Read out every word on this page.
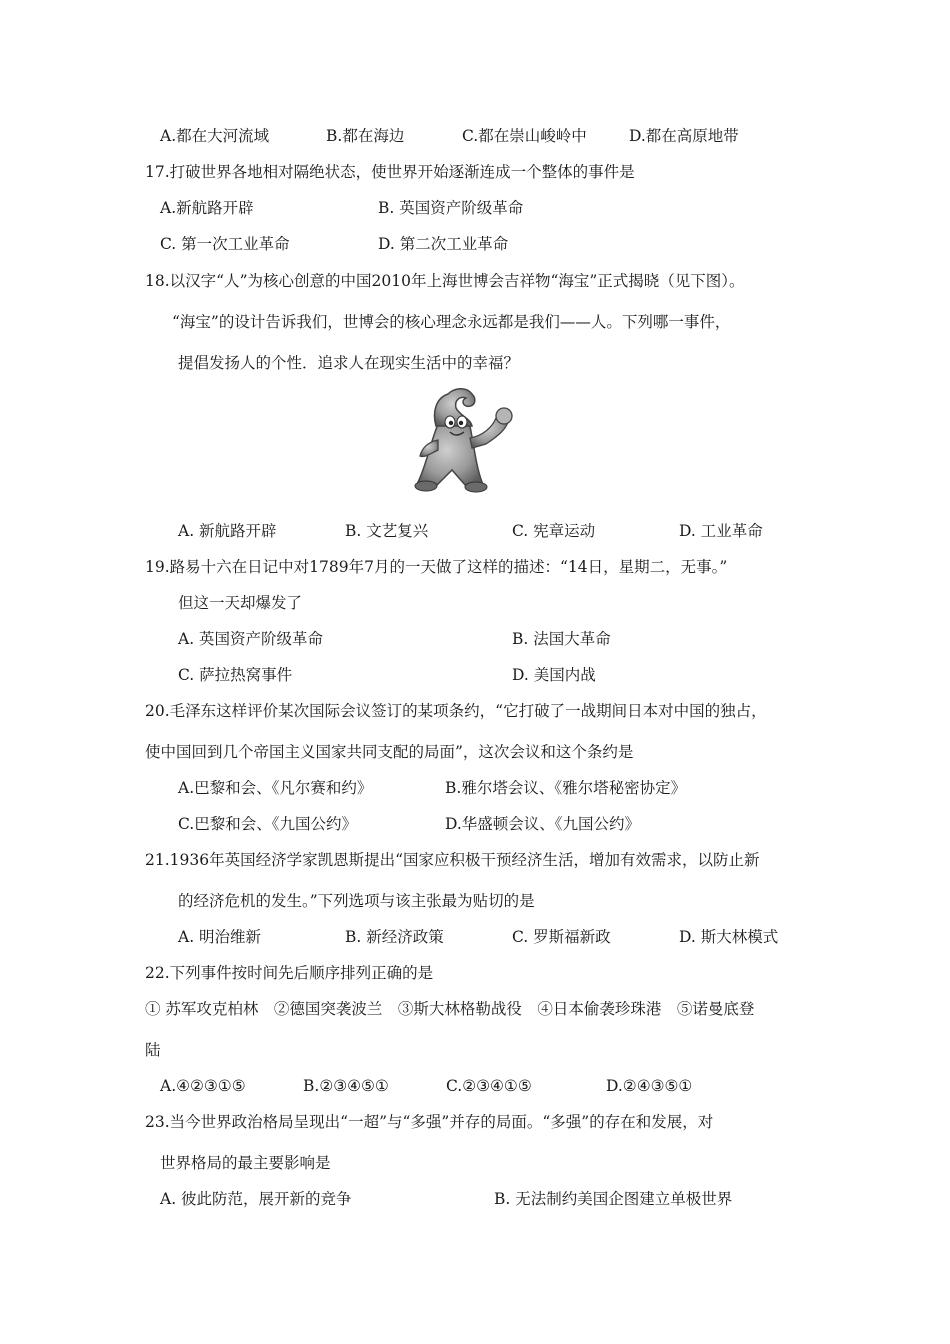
A.都在大河流域	B.都在海边	C.都在崇山峻岭中	D.都在高原地带
17.打破世界各地相对隔绝状态，使世界开始逐渐连成一个整体的事件是
A.新航路开辟	B. 英国资产阶级革命
C. 第一次工业革命	D. 第二次工业革命
18.以汉字“人”为核心创意的中国2010年上海世博会吉祥物“海宝”正式揭晓（见下图）。
“海宝”的设计告诉我们，世博会的核心理念永远都是我们——人。下列哪一事件，
提倡发扬人的个性．追求人在现实生活中的幸福？
A. 新航路开辟	B. 文艺复兴	C. 宪章运动	D. 工业革命
19.路易十六在日记中对1789年7月的一天做了这样的描述：“14日，星期二，无事。”
但这一天却爆发了
A. 英国资产阶级革命	B. 法国大革命
C. 萨拉热窝事件	D. 美国内战
20.毛泽东这样评价某次国际会议签订的某项条约，“它打破了一战期间日本对中国的独占，
使中国回到几个帝国主义国家共同支配的局面”，这次会议和这个条约是
A.巴黎和会、《凡尔赛和约》	B.雅尔塔会议、《雅尔塔秘密协定》
C.巴黎和会、《九国公约》	D.华盛顿会议、《九国公约》
21.1936年英国经济学家凯恩斯提出“国家应积极干预经济生活，增加有效需求，以防止新
的经济危机的发生。”下列选项与该主张最为贴切的是
A. 明治维新	B. 新经济政策	C. 罗斯福新政	D. 斯大林模式
22.下列事件按时间先后顺序排列正确的是
① 苏军攻克柏林　②德国突袭波兰　③斯大林格勒战役　④日本偷袭珍珠港　⑤诺曼底登
陆
A.④②③①⑤	B.②③④⑤①	C.②③④①⑤	D.②④③⑤①
23.当今世界政治格局呈现出“一超”与“多强”并存的局面。“多强”的存在和发展，对
世界格局的最主要影响是
A. 彼此防范，展开新的竞争	B. 无法制约美国企图建立单极世界
